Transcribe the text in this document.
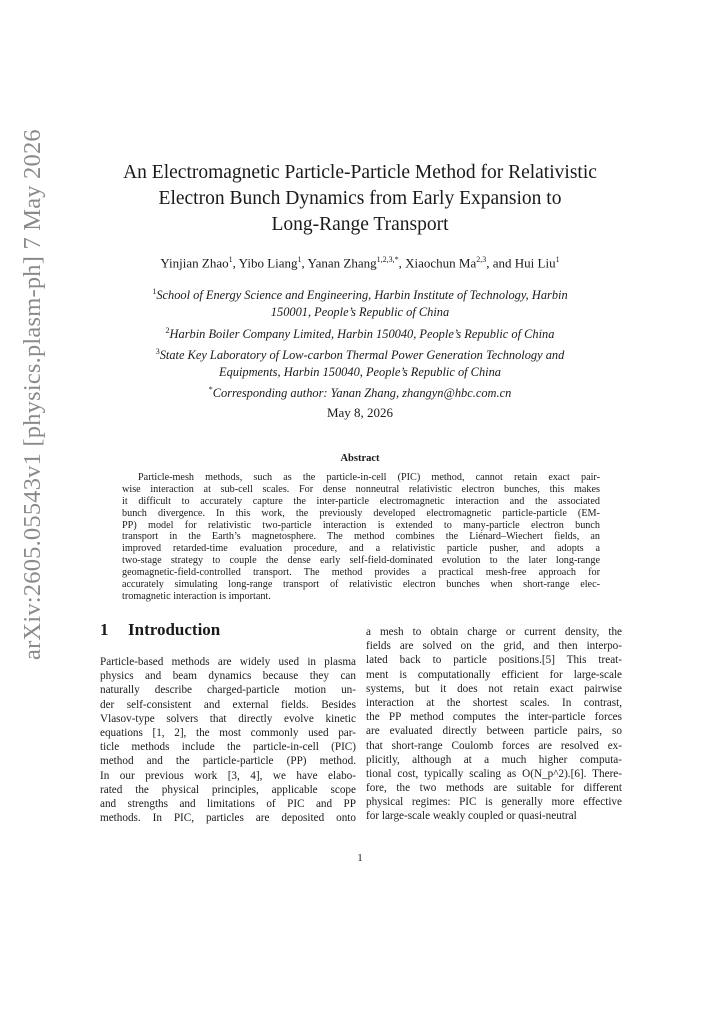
arXiv:2605.05543v1 [physics.plasm-ph] 7 May 2026	An Electromagnetic Particle-Particle Method for Relativistic
Electron Bunch Dynamics from Early Expansion to
Long-Range Transport
Yinjian Zhao$^1$, Yibo Liang$^1$, Yanan Zhang$^{1,2,3,*}$, Xiaochun Ma$^{2,3}$, and Hui Liu$^1$
$^1$School of Energy Science and Engineering, Harbin Institute of Technology, Harbin
150001, People’s Republic of China
$^2$Harbin Boiler Company Limited, Harbin 150040, People’s Republic of China
$^3$State Key Laboratory of Low-carbon Thermal Power Generation Technology and
Equipments, Harbin 150040, People’s Republic of China
*Corresponding author: Yanan Zhang, zhangyn@hbc.com.cn
May 8, 2026
Abstract
Particle-mesh methods, such as the particle-in-cell (PIC) method, cannot retain exact pair-
wise interaction at sub-cell scales. For dense nonneutral relativistic electron bunches, this makes
it difficult to accurately capture the inter-particle electromagnetic interaction and the associated
bunch divergence. In this work, the previously developed electromagnetic particle-particle (EM-
PP) model for relativistic two-particle interaction is extended to many-particle electron bunch
transport in the Earth’s magnetosphere. The method combines the Liénard–Wiechert fields, an
improved retarded-time evaluation procedure, and a relativistic particle pusher, and adopts a
two-stage strategy to couple the dense early self-field-dominated evolution to the later long-range
geomagnetic-field-controlled transport. The method provides a practical mesh-free approach for
accurately simulating long-range transport of relativistic electron bunches when short-range elec-
tromagnetic interaction is important.
1 Introduction
Particle-based methods are widely used in plasma
physics and beam dynamics because they can
naturally describe charged-particle motion un-
der self-consistent and external fields. Besides
Vlasov-type solvers that directly evolve kinetic
equations [1, 2], the most commonly used par-
ticle methods include the particle-in-cell (PIC)
method and the particle-particle (PP) method.
In our previous work [3, 4], we have elabo-
rated the physical principles, applicable scope
and strengths and limitations of PIC and PP
methods. In PIC, particles are deposited onto
a mesh to obtain charge or current density, the
fields are solved on the grid, and then interpo-
lated back to particle positions.[5] This treat-
ment is computationally efficient for large-scale
systems, but it does not retain exact pairwise
interaction at the shortest scales. In contrast,
the PP method computes the inter-particle forces
are evaluated directly between particle pairs, so
that short-range Coulomb forces are resolved ex-
plicitly, although at a much higher computa-
tional cost, typically scaling as O(N_p^2).[6]. There-
fore, the two methods are suitable for different
physical regimes: PIC is generally more effective
for large-scale weakly coupled or quasi-neutral
1
